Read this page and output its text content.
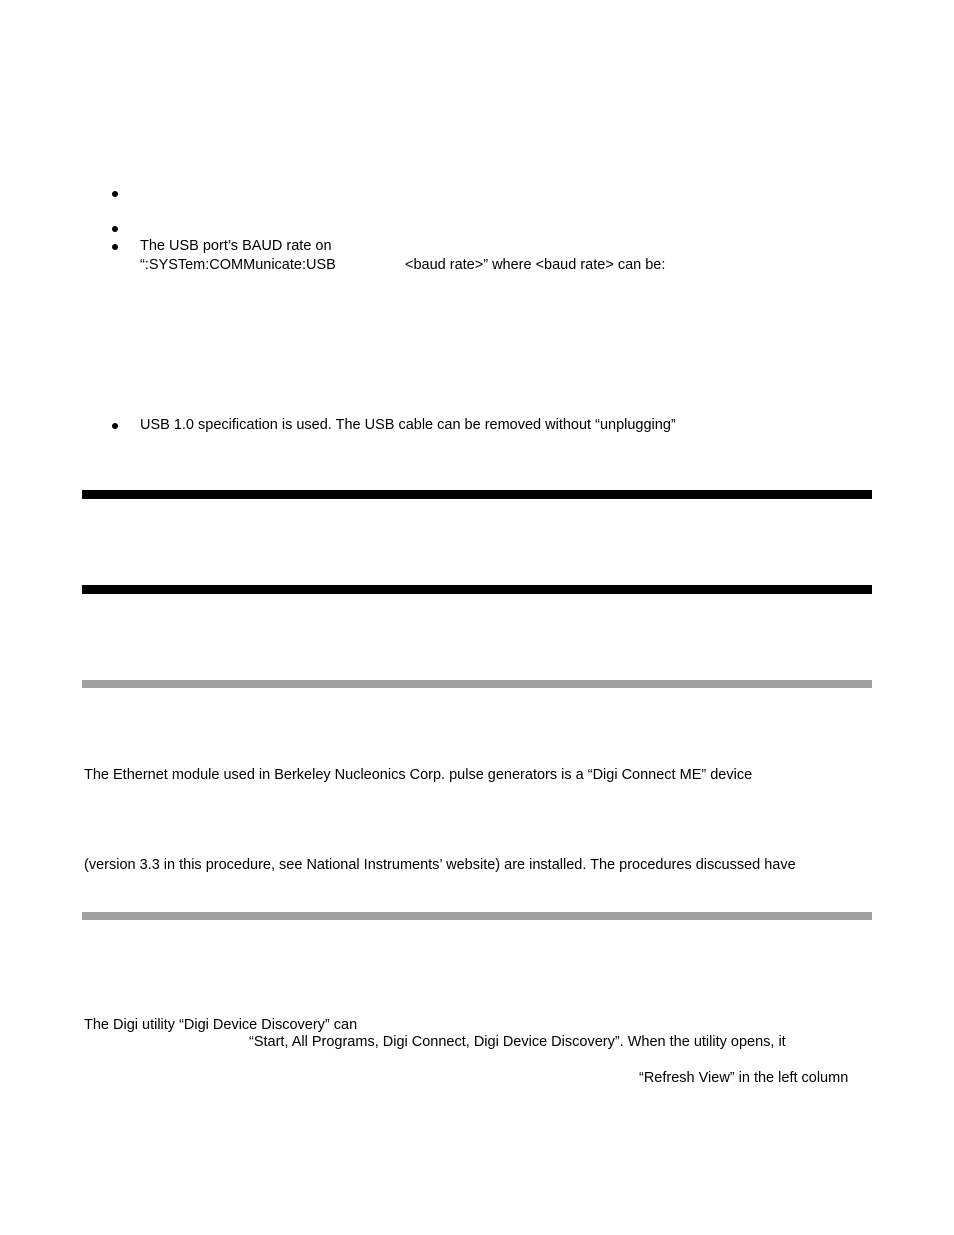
The USB port’s BAUD rate on

“:SYSTem:COMMunicate:USB	<baud rate>” where <baud rate> can be:

USB 1.0 specification is used. The USB cable can be removed without “unplugging”

The Ethernet module used in Berkeley Nucleonics Corp. pulse generators is a “Digi Connect ME” device

(version 3.3 in this procedure, see National Instruments’ website) are installed. The procedures discussed have

The Digi utility “Digi Device Discovery” can

“Start, All Programs, Digi Connect, Digi Device Discovery”. When the utility opens, it

“Refresh View” in the left column
